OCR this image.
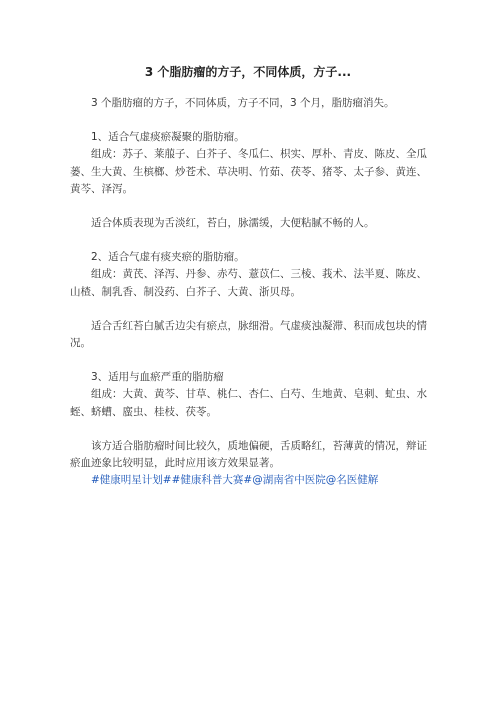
3 个脂肪瘤的方子，不同体质，方子...

3 个脂肪瘤的方子，不同体质，方子不同，3 个月，脂肪瘤消失。

1、适合气虚痰瘀凝聚的脂肪瘤。

组成：苏子、莱菔子、白芥子、冬瓜仁、枳实、厚朴、青皮、陈皮、全瓜蒌、生大黄、生槟榔、炒苍术、草决明、竹茹、茯苓、猪苓、太子参、黄连、黄芩、泽泻。

适合体质表现为舌淡红，苔白，脉濡缓，大便粘腻不畅的人。

2、适合气虚有痰夹瘀的脂肪瘤。

组成：黄芪、泽泻、丹参、赤芍、薏苡仁、三棱、莪术、法半夏、陈皮、山楂、制乳香、制没药、白芥子、大黄、浙贝母。

适合舌红苔白腻舌边尖有瘀点，脉细滑。气虚痰浊凝滞、积而成包块的情况。

3、适用与血瘀严重的脂肪瘤

组成：大黄、黄芩、甘草、桃仁、杏仁、白芍、生地黄、皂刺、虻虫、水蛭、蛴螬、䗪虫、桂枝、茯苓。

该方适合脂肪瘤时间比较久，质地偏硬，舌质略红，苔薄黄的情况，辩证瘀血迹象比较明显，此时应用该方效果显著。

#健康明星计划##健康科普大赛#@湖南省中医院@名医健解
